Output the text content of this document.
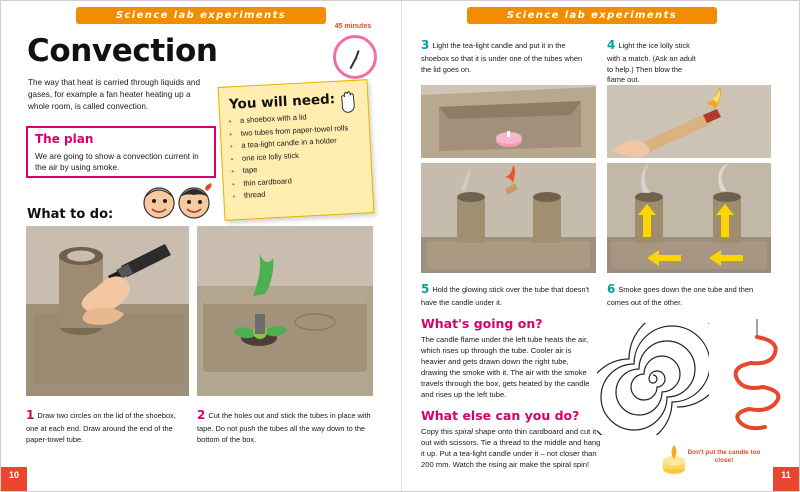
Science lab experiments	Science lab experiments
10	11
Convection
The way that heat is carried through liquids and gases, for example a fan heater heating up a whole room, is called convection.
The plan
We are going to show a convection current in the air by using smoke.
45 minutes
You will need:
• a shoebox with a lid
• two tubes from paper-towel rolls
• a tea-light candle in a holder
• one ice lolly stick
• tape
• thin cardboard
• thread
What to do:
1 Draw two circles on the lid of the shoebox, one at each end. Draw around the end of the paper-towel tube.
2 Cut the holes out and stick the tubes in place with tape. Do not push the tubes all the way down to the bottom of the box.
3 Light the tea-light candle and put it in the shoebox so that it is under one of the tubes when the lid goes on.
4 Light the ice lolly stick with a match. (Ask an adult to help.) Then blow the flame out.
5 Hold the glowing stick over the tube that doesn't have the candle under it.
6 Smoke goes down the one tube and then comes out of the other.
What's going on?
The candle flame under the left tube heats the air, which rises up through the tube. Cooler air is heavier and gets drawn down the right tube, drawing the smoke with it. The air with the smoke travels through the box, gets heated by the candle and rises up the left tube.
What else can you do?
Copy this spiral shape onto thin cardboard and cut it out with scissors. Tie a thread to the middle and hang it up. Put a tea-light candle under it – not closer than 200 mm. Watch the rising air make the spiral spin!
Don't put the candle too close!
